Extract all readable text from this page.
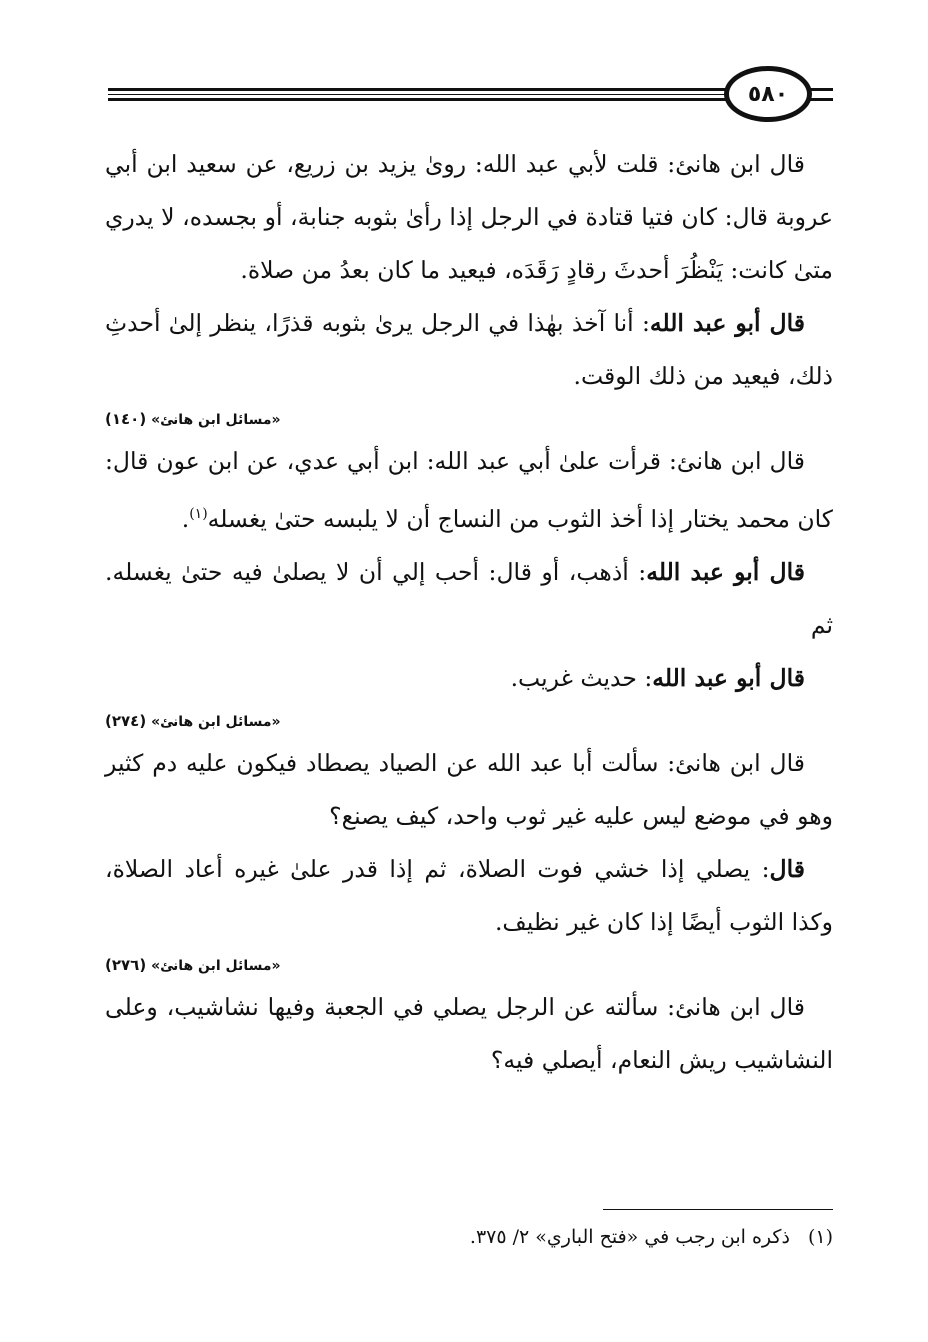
٥٨٠

قال ابن هانئ: قلت لأبي عبد الله: روىٰ يزيد بن زريع، عن سعيد ابن أبي عروبة قال: كان فتيا قتادة في الرجل إذا رأىٰ بثوبه جنابة، أو بجسده، لا يدري متىٰ كانت: يَنْظُرَ أحدثَ رقادٍ رَقَدَه، فيعيد ما كان بعدُ من صلاة.

قال أبو عبد الله: أنا آخذ بهٰذا في الرجل يرىٰ بثوبه قذرًا، ينظر إلىٰ أحدثِ ذلك، فيعيد من ذلك الوقت.

«مسائل ابن هانئ» (١٤٠)

قال ابن هانئ: قرأت علىٰ أبي عبد الله: ابن أبي عدي، عن ابن عون قال: كان محمد يختار إذا أخذ الثوب من النساج أن لا يلبسه حتىٰ يغسله$^{(١)}$.

قال أبو عبد الله: أذهب، أو قال: أحب إلي أن لا يصلىٰ فيه حتىٰ يغسله. ثم

قال أبو عبد الله: حديث غريب.

«مسائل ابن هانئ» (٢٧٤)

قال ابن هانئ: سألت أبا عبد الله عن الصياد يصطاد فيكون عليه دم كثير وهو في موضع ليس عليه غير ثوب واحد، كيف يصنع؟

قال: يصلي إذا خشي فوت الصلاة، ثم إذا قدر علىٰ غيره أعاد الصلاة، وكذا الثوب أيضًا إذا كان غير نظيف.

«مسائل ابن هانئ» (٢٧٦)

قال ابن هانئ: سألته عن الرجل يصلي في الجعبة وفيها نشاشيب، وعلى النشاشيب ريش النعام، أيصلي فيه؟

(١)ذكره ابن رجب في «فتح الباري» ٢/ ٣٧٥.
